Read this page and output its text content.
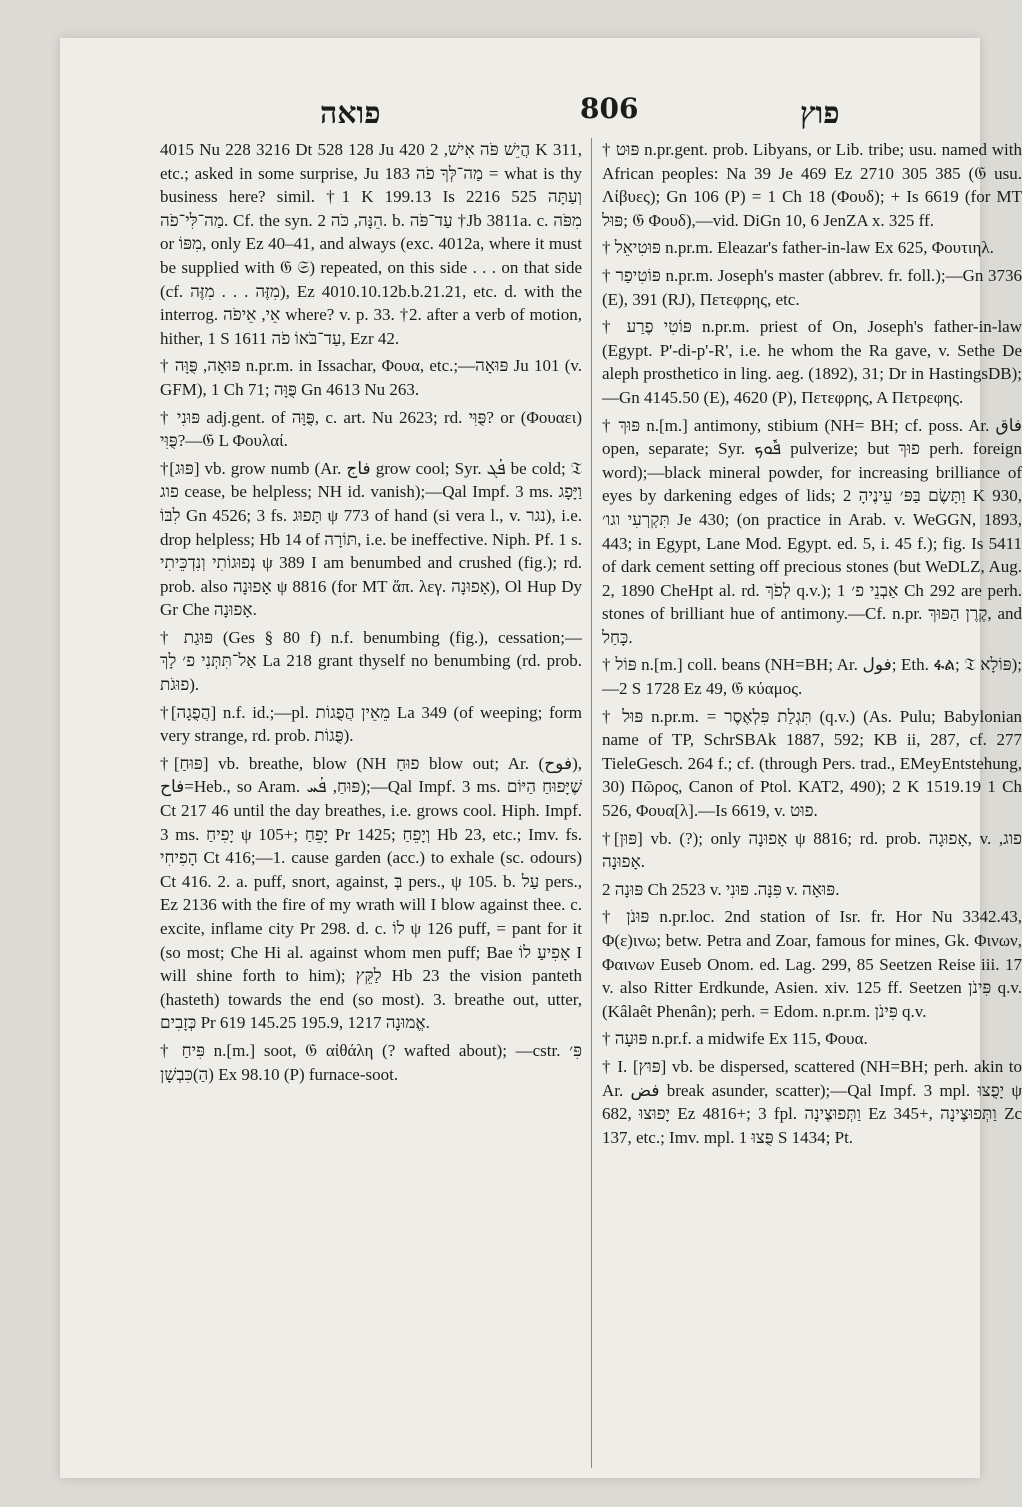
פואה	806	פוץ

4015 Nu 228 3216 Dt 528 128 Ju 420 הֲיֵשׁ פֹּה אִישׁ, 2 K 311, etc.; asked in some surprise, Ju 183 מַה־לְּךָ פֹה = what is thy business here? simil. †1 K 199.13 Is 2216 525 וְעַתָּה מַה־לִּי־פֹה. Cf. the syn. הֵנָּה, כֹּה 2. b. עַד־פֹּה †Jb 3811a. c. מִפֹּה or מִפּוֹ, only Ez 40–41, and always (exc. 4012a, where it must be supplied with 𝔊 𝔖) repeated, on this side . . . on that side (cf. מִזֶּה . . . מִזֶּה), Ez 4010.10.12b.b.21.21, etc. d. with the interrog. אֵי, אֵיפֹה where? v. p. 33. †2. after a verb of motion, hither, 1 S 1611 עַד־בֹּאוֹ פֹה, Ezr 42.

† פּוּאָה, פֻּוָּה n.pr.m. in Issachar, Φουα, etc.;—פּוּאָה Ju 101 (v. GFM), 1 Ch 71; פֻּוָּה Gn 4613 Nu 263.

† פּוּנִי adj.gent. of פֻּוָּה, c. art. Nu 2623; rd. פֻּוִּי? or (Φουαει) פֻּוִּי?—𝔊 L Φουλαί.

†[פּוּג] vb. grow numb (Ar. فاج grow cool; Syr. ܦܳܓ be cold; 𝔗 פוג cease, be helpless; NH id. vanish);—Qal Impf. 3 ms. וַיָּפָג לִבּוֹ Gn 4526; 3 fs. תָּפוּג ψ 773 of hand (si vera l., v. נגר), i.e. drop helpless; Hb 14 of תּוֹרָה, i.e. be ineffective. Niph. Pf. 1 s. נְפוּגוֹתִי וְנִדְכֵּיתִי ψ 389 I am benumbed and crushed (fig.); rd. prob. also אָפוּנָה ψ 8816 (for MT ἅπ. λεγ. אָפוּנָה), Ol Hup Dy Gr Che אָפוּנָה.

† פּוּגַת (Ges § 80 f) n.f. benumbing (fig.), cessation;—אַל־תִּתְּנִי פ׳ לָךְ La 218 grant thyself no benumbing (rd. prob. פוּגֹת).

†[הֲפֻגָה] n.f. id.;—pl. מֵאֵין הֲפֻגוֹת La 349 (of weeping; form very strange, rd. prob. פֻּגוֹת).

†[פּוּחַ] vb. breathe, blow (NH פוּחַ blow out; Ar. (فوح), فاح=Heb., so Aram. פּוּחַ, ܦܳܚ);—Qal Impf. 3 ms. שֶׁיָּפוּחַ הַיּוֹם Ct 217 46 until the day breathes, i.e. grows cool. Hiph. Impf. 3 ms. יָפִיחַ ψ 105+; יָפֵחַ Pr 1425; וְיָפֵחַ Hb 23, etc.; Imv. fs. הָפִיחִי Ct 416;—1. cause garden (acc.) to exhale (sc. odours) Ct 416. 2. a. puff, snort, against, בְּ pers., ψ 105. b. עַל pers., Ez 2136 with the fire of my wrath will I blow against thee. c. excite, inflame city Pr 298. d. c. לוֹ ψ 126 puff, = pant for it (so most; Che Hi al. against whom men puff; Bae אָפִיעַ לוֹ I will shine forth to him); לַקֵּץ Hb 23 the vision panteth (hasteth) towards the end (so most). 3. breathe out, utter, כְּזָבִים Pr 619 145.25 195.9, אֱמוּנָה 1217.

† פִּיחַ n.[m.] soot, 𝔊 αἰθάλη (? wafted about); —cstr. פִּ׳ (הַ)כִּבְשָׁן Ex 98.10 (P) furnace-soot.

† פּוּט n.pr.gent. prob. Libyans, or Lib. tribe; usu. named with African peoples: Na 39 Je 469 Ez 2710 305 385 (𝔊 usu. Λίβυες); Gn 106 (P) = 1 Ch 18 (Φουδ); + Is 6619 (for MT פּוּל; 𝔊 Φουδ),—vid. DiGn 10, 6 JenZA x. 325 ff.

† פּוּטִיאֵל n.pr.m. Eleazar's father-in-law Ex 625, Φουτιηλ.

† פּוֹטִיפַר n.pr.m. Joseph's master (abbrev. fr. foll.);—Gn 3736 (E), 391 (RJ), Πετεφρης, etc.

† פּוֹטִי פֶרַע n.pr.m. priest of On, Joseph's father-in-law (Egypt. P'-di-p'-R', i.e. he whom the Ra gave, v. Sethe De aleph prosthetico in ling. aeg. (1892), 31; Dr in HastingsDB);—Gn 4145.50 (E), 4620 (P), Πετεφρης, Α Πετρεφης.

† פּוּךְ n.[m.] antimony, stibium (NH= BH; cf. poss. Ar. فاق open, separate; Syr. ܦܽܘܟ pulverize; but פוּךְ perh. foreign word);—black mineral powder, for increasing brilliance of eyes by darkening edges of lids; וַתָּשֶׂם בַּפּ׳ עֵינֶיהָ 2 K 930, תִּקְרְעִי וגו׳ Je 430; (on practice in Arab. v. WeGGN, 1893, 443; in Egypt, Lane Mod. Egypt. ed. 5, i. 45 f.); fig. Is 5411 of dark cement setting off precious stones (but WeDLZ, Aug. 2, 1890 CheHpt al. rd. לְפֹךְ q.v.); אַבְנֵי פ׳ 1 Ch 292 are perh. stones of brilliant hue of antimony.—Cf. n.pr. קֶרֶן הַפּוּךְ, and כָּחַל.

† פּוֹל n.[m.] coll. beans (NH=BH; Ar. فول; Eth. ፋል; 𝔗 פּוֹלָא);—2 S 1728 Ez 49, 𝔊 κύαμος.

† פּוּל n.pr.m. = תִּגְלַת פִּלְאֶסֶר (q.v.) (As. Pulu; Babylonian name of TP, SchrSBAk 1887, 592; KB ii, 287, cf. 277 TieleGesch. 264 f.; cf. (through Pers. trad., EMeyEntstehung, 30) Πῶρος, Canon of Ptol. KAT2, 490); 2 K 1519.19 1 Ch 526, Φουα[λ].—Is 6619, v. פוּט.

†[פּוּן] vb. (?); only אָפוּנָה ψ 8816; rd. prob. אָפוּגָה, v. פוג, אָפוּנָה.

פּוּנָה 2 Ch 2523 v. פִּנָּה. פּוּנִי v. פּוּאָה.

† פּוּנֹן n.pr.loc. 2nd station of Isr. fr. Hor Nu 3342.43, Φ(ε)ινω; betw. Petra and Zoar, famous for mines, Gk. Φινων, Φαινων Euseb Onom. ed. Lag. 299, 85 Seetzen Reise iii. 17 v. also Ritter Erdkunde, Asien. xiv. 125 ff. Seetzen פִּינֹן q.v. (Kâlaêt Phenân); perh. = Edom. n.pr.m. פִּינֹן q.v.

† פּוּעָה n.pr.f. a midwife Ex 115, Φουα.

† I. [פּוּץ] vb. be dispersed, scattered (NH=BH; perh. akin to Ar. فض break asunder, scatter);—Qal Impf. 3 mpl. יָפֻצוּ ψ 682, יָפוּצוּ Ez 4816+; 3 fpl. וַתְּפוּצֶינָה Ez 345+, וַתְּפוּצֶינָה Zc 137, etc.; Imv. mpl. פֻּצוּ 1 S 1434; Pt.
